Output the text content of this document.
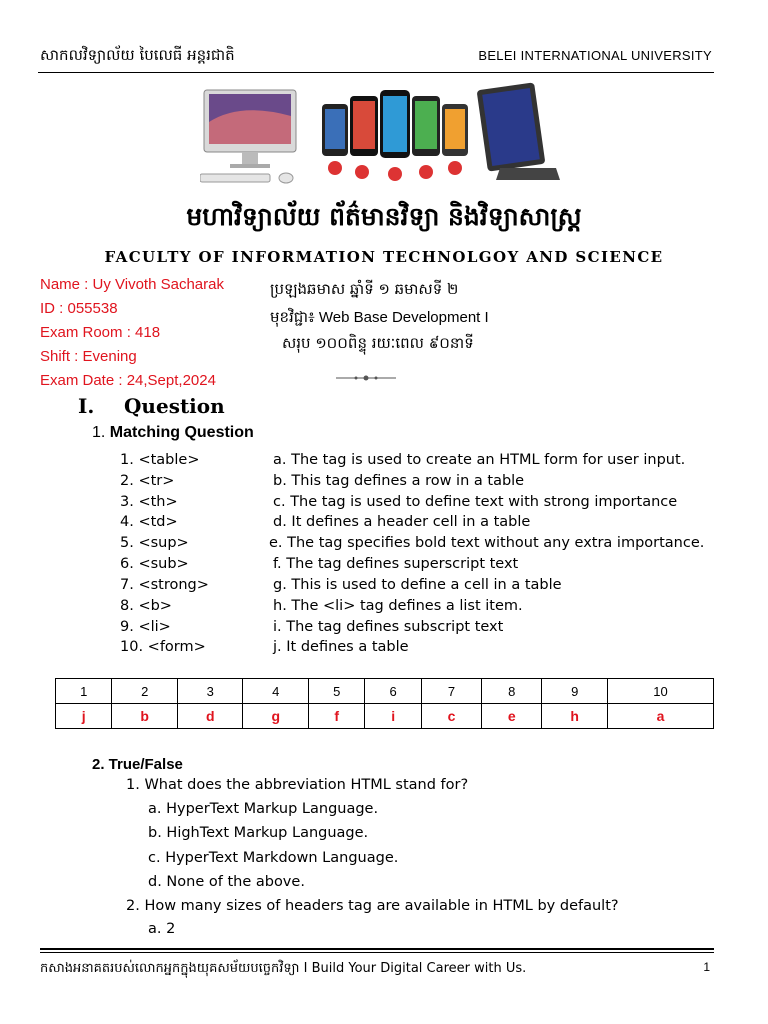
សាកលវិទ្យាល័យ បៃលេធី អន្តរជាតិ	BELEI INTERNATIONAL UNIVERSITY
មហាវិទ្យាល័យ ព័ត៌មានវិទ្យា និងវិទ្យាសាស្រ្ត
FACULTY OF INFORMATION TECHNOLGOY AND SCIENCE
Name : Uy Vivoth Sacharak
ID : 055538
Exam Room : 418
Shift : Evening
Exam Date : 24,Sept,2024
ប្រឡងឆមាស ឆ្នាំទី ១ ឆមាសទី ២
មុខវិជ្ជា៖ Web Base Development I
សរុប ១០០ពិន្ទុ រយៈពេល ៩០នាទី
I. Question
1. Matching Question
1. <table>	a. The tag is used to create an HTML form for user input.
2. <tr>	b. This tag defines a row in a table
3. <th>	c. The tag is used to define text with strong importance
4. <td>	d. It defines a header cell in a table
5. <sup>	e. The tag specifies bold text without any extra importance.
6. <sub>	f. The tag defines superscript text
7. <strong>	g. This is used to define a cell in a table
8. <b>	h. The <li> tag defines a list item.
9. <li>	i. The tag defines subscript text
10. <form>	j. It defines a table
1	2	3	4	5	6	7	8	9	10
j	b	d	g	f	i	c	e	h	a
2. True/False
1. What does the abbreviation HTML stand for?
a. HyperText Markup Language.
b. HighText Markup Language.
c. HyperText Markdown Language.
d. None of the above.
2. How many sizes of headers tag are available in HTML by default?
a. 2
កសាងអនាគតរបស់លោកអ្នកក្នុងយុគសម័យបច្ចេកវិទ្យា I Build Your Digital Career with Us.	1
